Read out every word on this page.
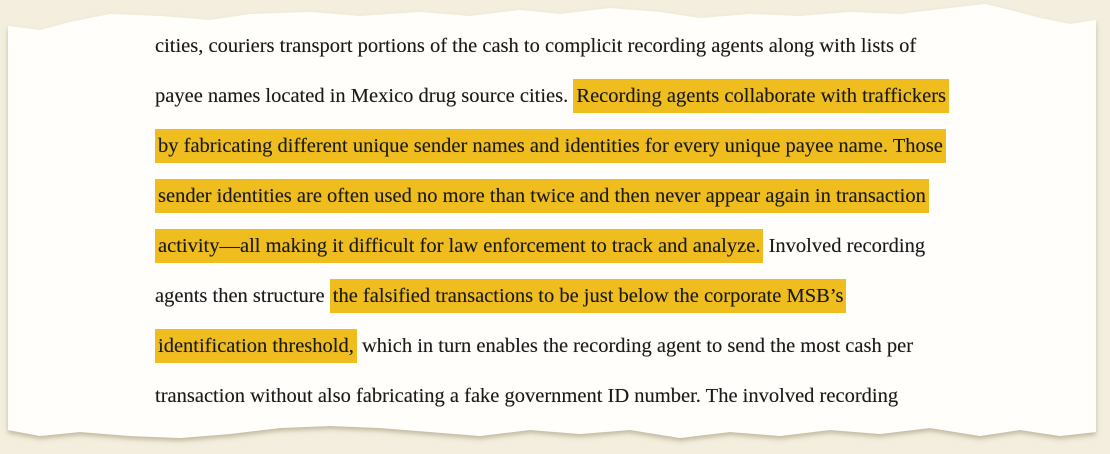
cities, couriers transport portions of the cash to complicit recording agents along with lists of
payee names located in Mexico drug source cities. Recording agents collaborate with traffickers
by fabricating different unique sender names and identities for every unique payee name. Those
sender identities are often used no more than twice and then never appear again in transaction
activity—all making it difficult for law enforcement to track and analyze. Involved recording
agents then structure the falsified transactions to be just below the corporate MSB’s
identification threshold, which in turn enables the recording agent to send the most cash per
transaction without also fabricating a fake government ID number. The involved recording
